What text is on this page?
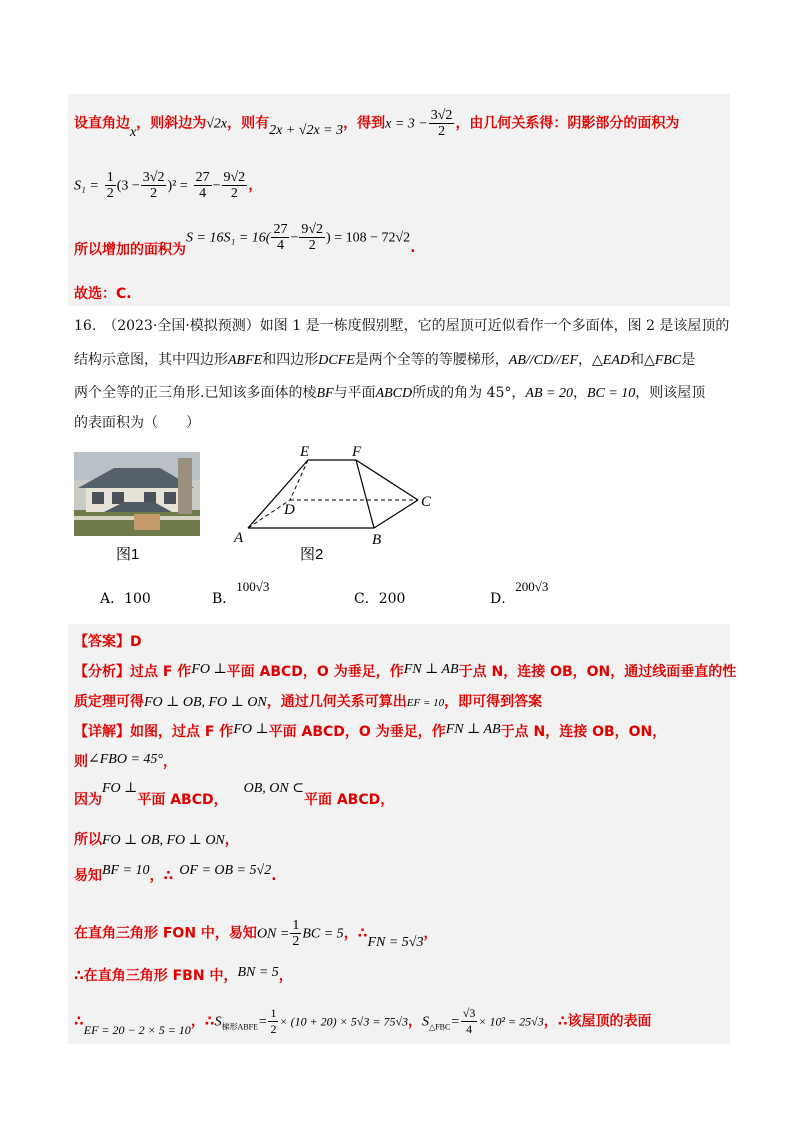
设直角边x，则斜边为√2x，则有2x + √2x = 3，得到$x = 3 - \frac{3√2}{2}$ ，由几何关系得：阴影部分的面积为
$S_1 = \frac{1}{2} (3 - \frac{3√2}{2} )^2 = \frac{27}{4} - \frac{9√2}{2}$ ，
所以增加的面积为$S = 16S_1 = 16( \frac{27}{4} - \frac{9√2}{2}$ ) = 108 − 72√2.
故选：C.
16.　（2023·全国·模拟预测）如图 1 是一栋度假别墅，它的屋顶可近似看作一个多面体，图 2 是该屋顶的
结构示意图，其中四边形ABFE和四边形DCFE是两个全等的等腰梯形，AB//CD//EF，△EAD和△FBC是
两个全等的正三角形.已知该多面体的棱BF与平面ABCD所成的角为 45°，AB = 20，BC = 10，则该屋顶
的表面积为（　　）
图1
E	F
D	C
A	B
图2
A．100	B．100√3
C．200	D．200√3
【答案】D
【分析】过点 F 作FO ⊥平面 ABCD，O 为垂足，作FN ⊥ AB于点 N，连接 OB，ON，通过线面垂直的性
质定理可得FO ⊥ OB, FO ⊥ ON，通过几何关系可算出EF = 10，即可得到答案
【详解】如图，过点 F 作FO ⊥平面 ABCD，O 为垂足，作FN ⊥ AB于点 N，连接 OB，ON，
则∠FBO = 45°，
因为FO ⊥平面 ABCD，OB, ON ⊂平面 ABCD，
所以FO ⊥ OB, FO ⊥ ON，
易知BF = 10，∴ OF = OB = 5√2.
在直角三角形 FON 中，易知ON = $\frac{1}{2}$ BC = 5，∴FN = 5√3，
∴在直角三角形 FBN 中，BN = 5，
∴EF = 20 − 2 × 5 = 10，$\therefore S_{梯形ABFE}= \frac{1}{2} \times (10 + 20) \times 5√3 = 75√3$，$S_{\triangle FBC}= \frac{√3}{4} \times 10^2 = 25√3$，∴该屋顶的表面
